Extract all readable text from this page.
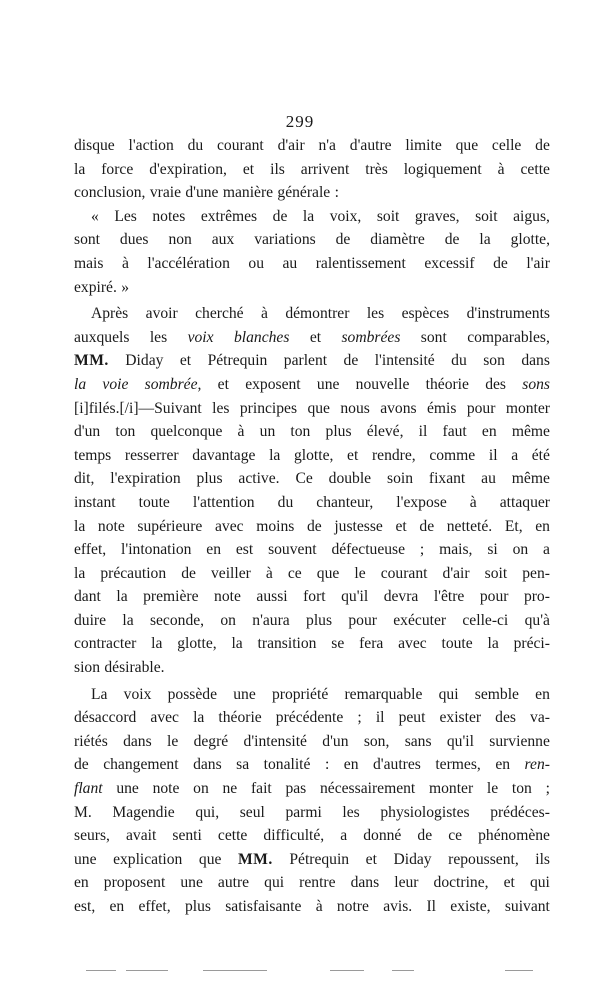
299
disque l'action du courant d'air n'a d'autre limite que celle de
la force d'expiration, et ils arrivent très logiquement à cette
conclusion, vraie d'une manière générale :
« Les notes extrêmes de la voix, soit graves, soit aigus,
sont dues non aux variations de diamètre de la glotte,
mais à l'accélération ou au ralentissement excessif de l'air
expiré. »
Après avoir cherché à démontrer les espèces d'instruments
auxquels les voix blanches et sombrées sont comparables,
MM. Diday et Pétrequin parlent de l'intensité du son dans
la voie sombrée, et exposent une nouvelle théorie des sons
[i]filés.[/i]—Suivant les principes que nous avons émis pour monter
d'un ton quelconque à un ton plus élevé, il faut en même
temps resserrer davantage la glotte, et rendre, comme il a été
dit, l'expiration plus active. Ce double soin fixant au même
instant toute l'attention du chanteur, l'expose à attaquer
la note supérieure avec moins de justesse et de netteté. Et, en
effet, l'intonation en est souvent défectueuse ; mais, si on a
la précaution de veiller à ce que le courant d'air soit pen-
dant la première note aussi fort qu'il devra l'être pour pro-
duire la seconde, on n'aura plus pour exécuter celle-ci qu'à
contracter la glotte, la transition se fera avec toute la préci-
sion désirable.
La voix possède une propriété remarquable qui semble en
désaccord avec la théorie précédente ; il peut exister des va-
riétés dans le degré d'intensité d'un son, sans qu'il survienne
de changement dans sa tonalité : en d'autres termes, en ren-
flant une note on ne fait pas nécessairement monter le ton ;
M. Magendie qui, seul parmi les physiologistes prédéces-
seurs, avait senti cette difficulté, a donné de ce phénomène
une explication que MM. Pétrequin et Diday repoussent, ils
en proposent une autre qui rentre dans leur doctrine, et qui
est, en effet, plus satisfaisante à notre avis. Il existe, suivant
